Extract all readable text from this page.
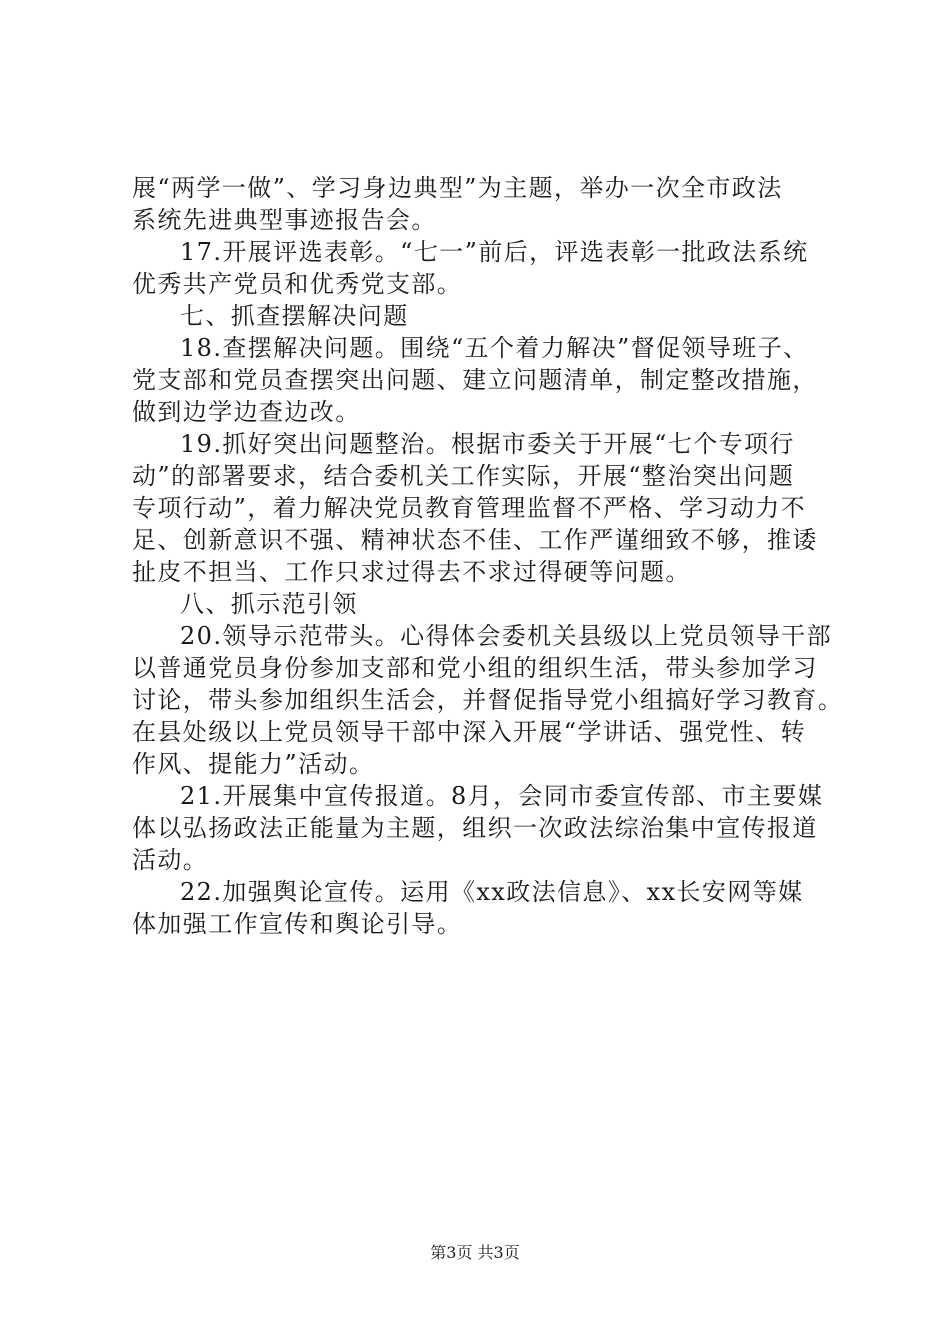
展“两学一做”、学习身边典型”为主题，举办一次全市政法
系统先进典型事迹报告会。
17.开展评选表彰。“七一”前后，评选表彰一批政法系统
优秀共产党员和优秀党支部。
七、抓查摆解决问题
18.查摆解决问题。围绕“五个着力解决”督促领导班子、
党支部和党员查摆突出问题、建立问题清单，制定整改措施，
做到边学边查边改。
19.抓好突出问题整治。根据市委关于开展“七个专项行
动”的部署要求，结合委机关工作实际，开展“整治突出问题
专项行动”，着力解决党员教育管理监督不严格、学习动力不
足、创新意识不强、精神状态不佳、工作严谨细致不够，推诿
扯皮不担当、工作只求过得去不求过得硬等问题。
八、抓示范引领
20.领导示范带头。心得体会委机关县级以上党员领导干部
以普通党员身份参加支部和党小组的组织生活，带头参加学习
讨论，带头参加组织生活会，并督促指导党小组搞好学习教育。
在县处级以上党员领导干部中深入开展“学讲话、强党性、转
作风、提能力”活动。
21.开展集中宣传报道。8月，会同市委宣传部、市主要媒
体以弘扬政法正能量为主题，组织一次政法综治集中宣传报道
活动。
22.加强舆论宣传。运用《xx政法信息》、xx长安网等媒
体加强工作宣传和舆论引导。
第3页 共3页
